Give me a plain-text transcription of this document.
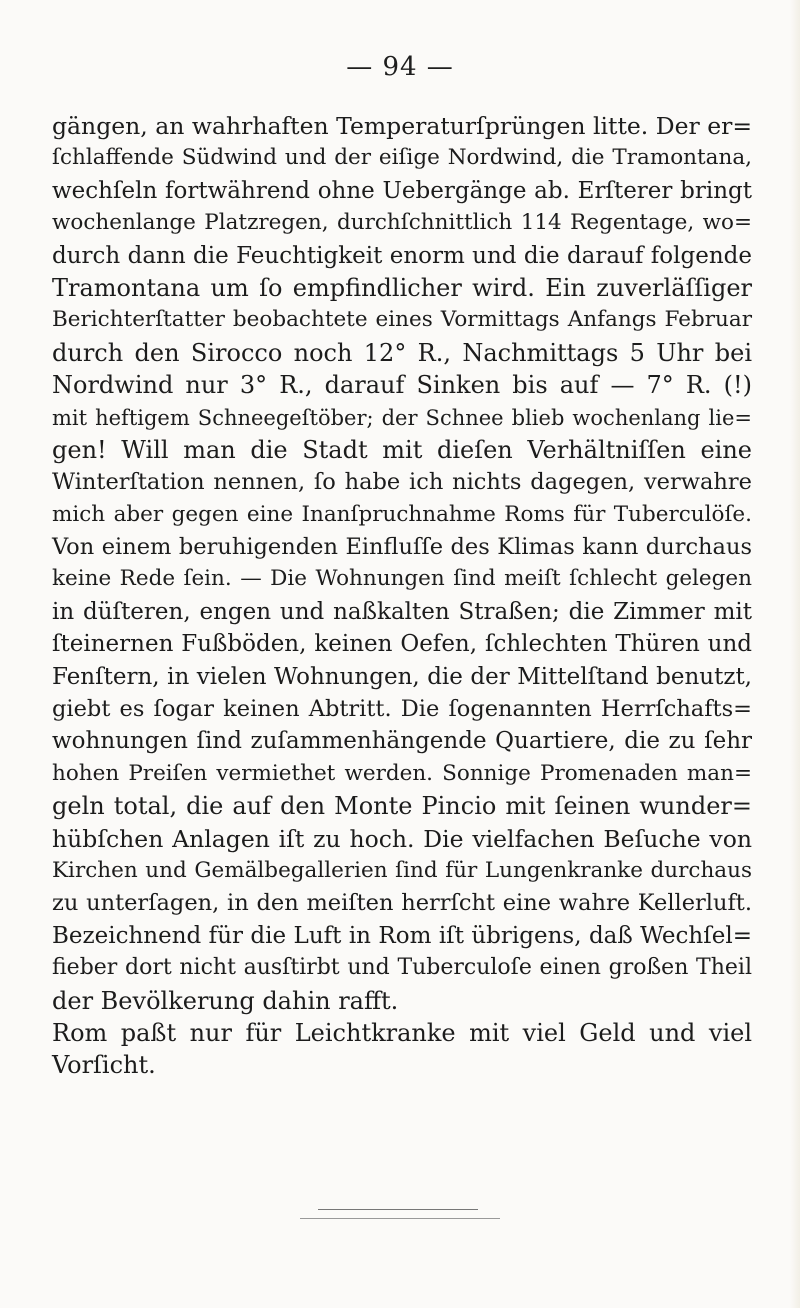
— 94 —
gängen, an wahrhaften Temperaturſprüngen litte. Der er=
ſchlaffende Südwind und der eiſige Nordwind, die Tramontana,
wechſeln fortwährend ohne Uebergänge ab. Erſterer bringt
wochenlange Platzregen, durchſchnittlich 114 Regentage, wo=
durch dann die Feuchtigkeit enorm und die darauf folgende
Tramontana um ſo empfindlicher wird. Ein zuverläſſiger
Berichterſtatter beobachtete eines Vormittags Anfangs Februar
durch den Sirocco noch 12° R., Nachmittags 5 Uhr bei
Nordwind nur 3° R., darauf Sinken bis auf — 7° R. (!)
mit heftigem Schneegeſtöber; der Schnee blieb wochenlang lie=
gen! Will man die Stadt mit dieſen Verhältniſſen eine
Winterſtation nennen, ſo habe ich nichts dagegen, verwahre
mich aber gegen eine Inanſpruchnahme Roms für Tuberculöſe.
Von einem beruhigenden Einfluſſe des Klimas kann durchaus
keine Rede ſein. — Die Wohnungen ſind meiſt ſchlecht gelegen
in düſteren, engen und naßkalten Straßen; die Zimmer mit
ſteinernen Fußböden, keinen Oefen, ſchlechten Thüren und
Fenſtern, in vielen Wohnungen, die der Mittelſtand benutzt,
giebt es ſogar keinen Abtritt. Die ſogenannten Herrſchafts=
wohnungen ſind zuſammenhängende Quartiere, die zu ſehr
hohen Preiſen vermiethet werden. Sonnige Promenaden man=
geln total, die auf den Monte Pincio mit ſeinen wunder=
hübſchen Anlagen iſt zu hoch. Die vielfachen Beſuche von
Kirchen und Gemälbegallerien ſind für Lungenkranke durchaus
zu unterſagen, in den meiſten herrſcht eine wahre Kellerluft.
Bezeichnend für die Luft in Rom iſt übrigens, daß Wechſel=
fieber dort nicht ausſtirbt und Tuberculoſe einen großen Theil
der Bevölkerung dahin rafft.
Rom paßt nur für Leichtkranke mit viel Geld und viel
Vorſicht.
